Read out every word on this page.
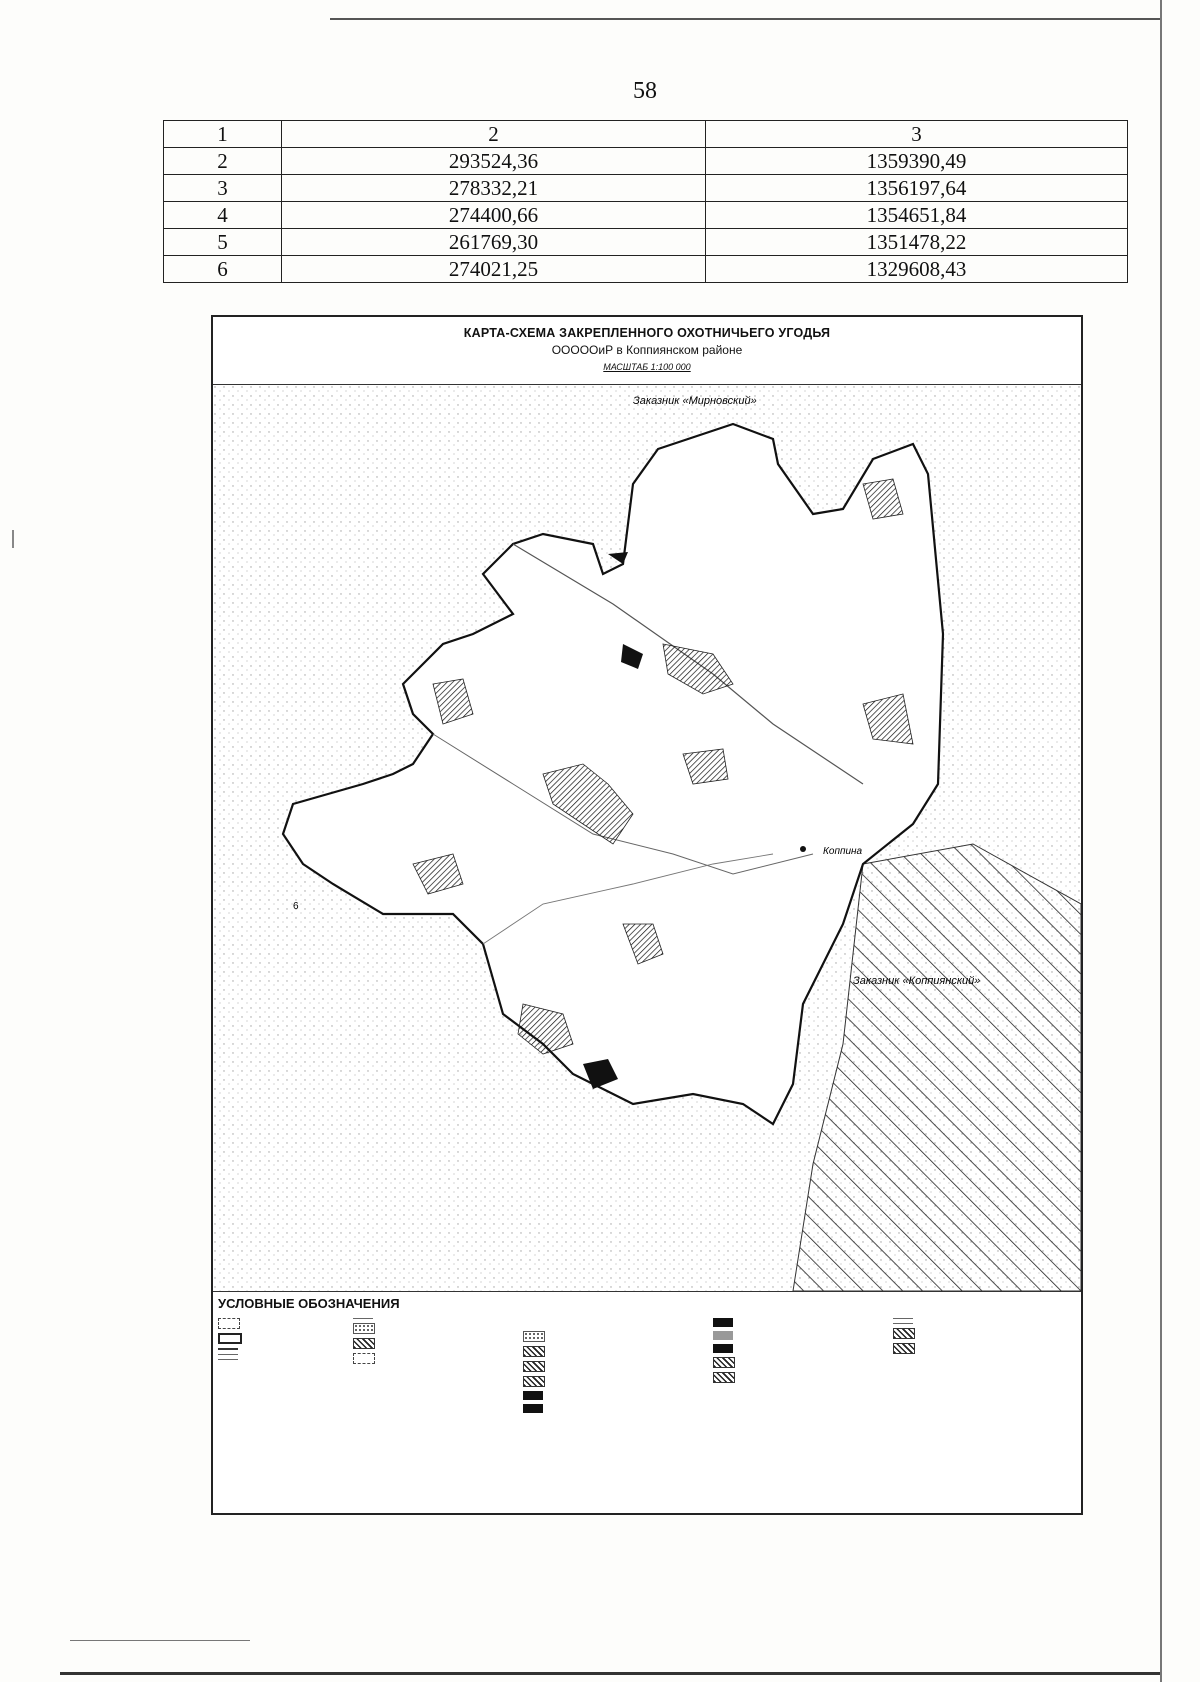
58
1	2	3
2	293524,36	1359390,49
3	278332,21	1356197,64
4	274400,66	1354651,84
5	261769,30	1351478,22
6	274021,25	1329608,43
КАРТА-СХЕМА ЗАКРЕПЛЕННОГО ОХОТНИЧЬЕГО УГОДЬЯ
ООООOиР в Коппиянском районе
МАСШТАБ 1:100 000
Заказник «Мирновский»
Коппина
Заказник «Коппиянский»
6
УСЛОВНЫЕ ОБОЗНАЧЕНИЯ
